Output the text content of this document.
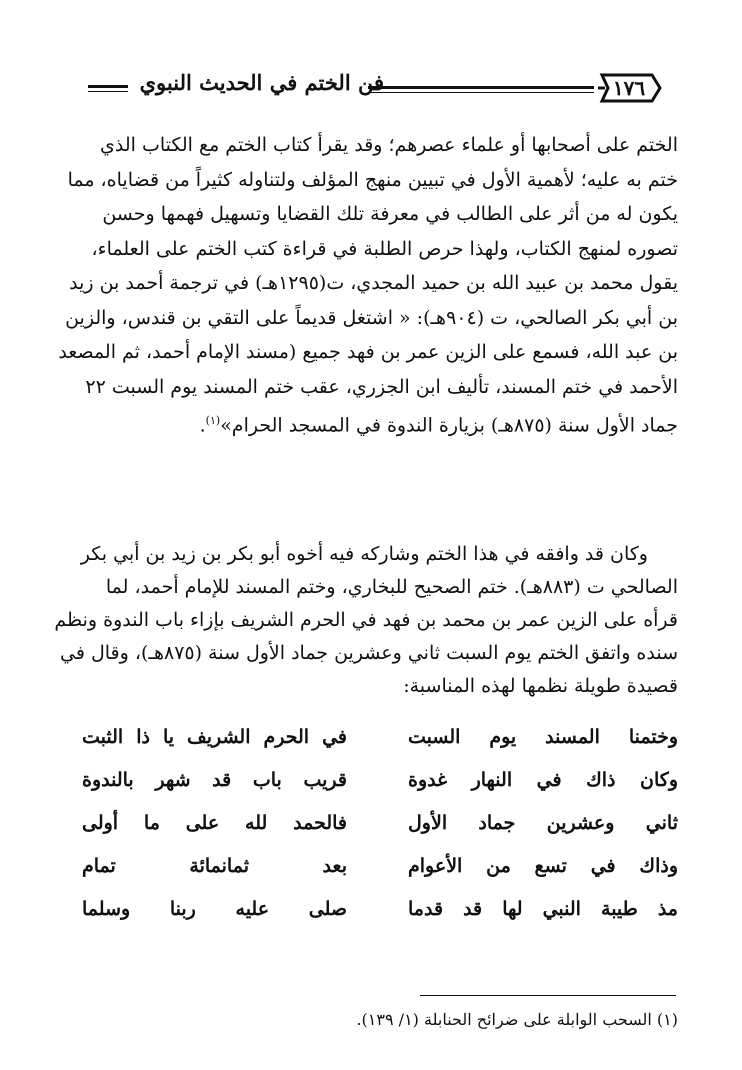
فن الختم في الحديث النبوي	١٧٦
الختم على أصحابها أو علماء عصرهم؛ وقد يقرأ كتاب الختم مع الكتاب الذي
ختم به عليه؛ لأهمية الأول في تبيين منهج المؤلف ولتناوله كثيراً من قضاياه، مما
يكون له من أثر على الطالب في معرفة تلك القضايا وتسهيل فهمها وحسن
تصوره لمنهج الكتاب، ولهذا حرص الطلبة في قراءة كتب الختم على العلماء،
يقول محمد بن عبيد الله بن حميد المجدي، ت(١٢٩٥هـ) في ترجمة أحمد بن زيد
بن أبي بكر الصالحي، ت (٩٠٤هـ): « اشتغل قديماً على التقي بن قندس، والزين
بن عبد الله، فسمع على الزين عمر بن فهد جميع (مسند الإمام أحمد، ثم المصعد
الأحمد في ختم المسند، تأليف ابن الجزري، عقب ختم المسند يوم السبت ٢٢
جماد الأول سنة (٨٧٥هـ) بزيارة الندوة في المسجد الحرام»$^{(١)}$.
وكان قد وافقه في هذا الختم وشاركه فيه أخوه أبو بكر بن زيد بن أبي بكر
الصالحي ت (٨٨٣هـ). ختم الصحيح للبخاري، وختم المسند للإمام أحمد، لما
قرأه على الزين عمر بن محمد بن فهد في الحرم الشريف بإزاء باب الندوة ونظم
سنده واتفق الختم يوم السبت ثاني وعشرين جماد الأول سنة (٨٧٥هـ)، وقال في
قصيدة طويلة نظمها لهذه المناسبة:
وختمنا المسند يوم السبت
في الحرم الشريف يا ذا الثبت
وكان ذاك في النهار غدوة
قريب باب قد شهر بالندوة
ثاني وعشرين جماد الأول
فالحمد لله على ما أولى
وذاك في تسع من الأعوام
بعد ثمانمائة تمام
مذ طيبة النبي لها قد قدما
صلى عليه ربنا وسلما
(١) السحب الوابلة على ضرائح الحنابلة (١/ ١٣٩).
